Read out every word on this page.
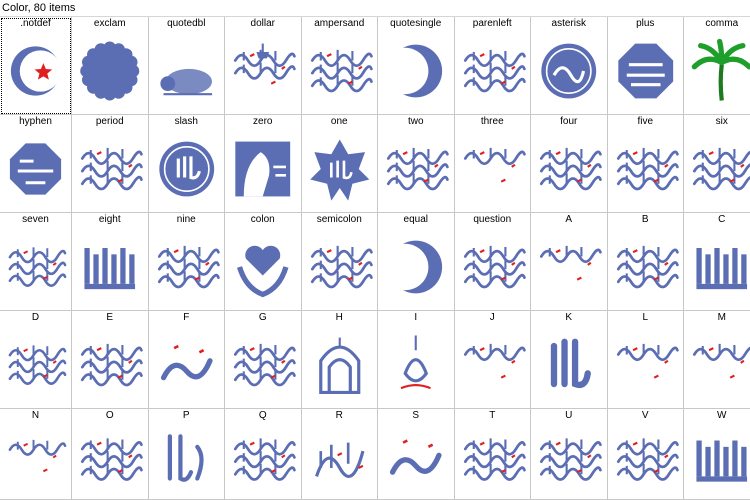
Color, 80 items
.notdef	exclam	quotedbl	dollar	ampersand	quotesingle	parenleft	asterisk	plus	comma
hyphen	period	slash	zero	one	two	three	four	five	six
seven	eight	nine	colon	semicolon	equal	question	A	B	C
D	E	F	G	H	I	J	K	L	M
N	O	P	Q	R	S	T	U	V	W
